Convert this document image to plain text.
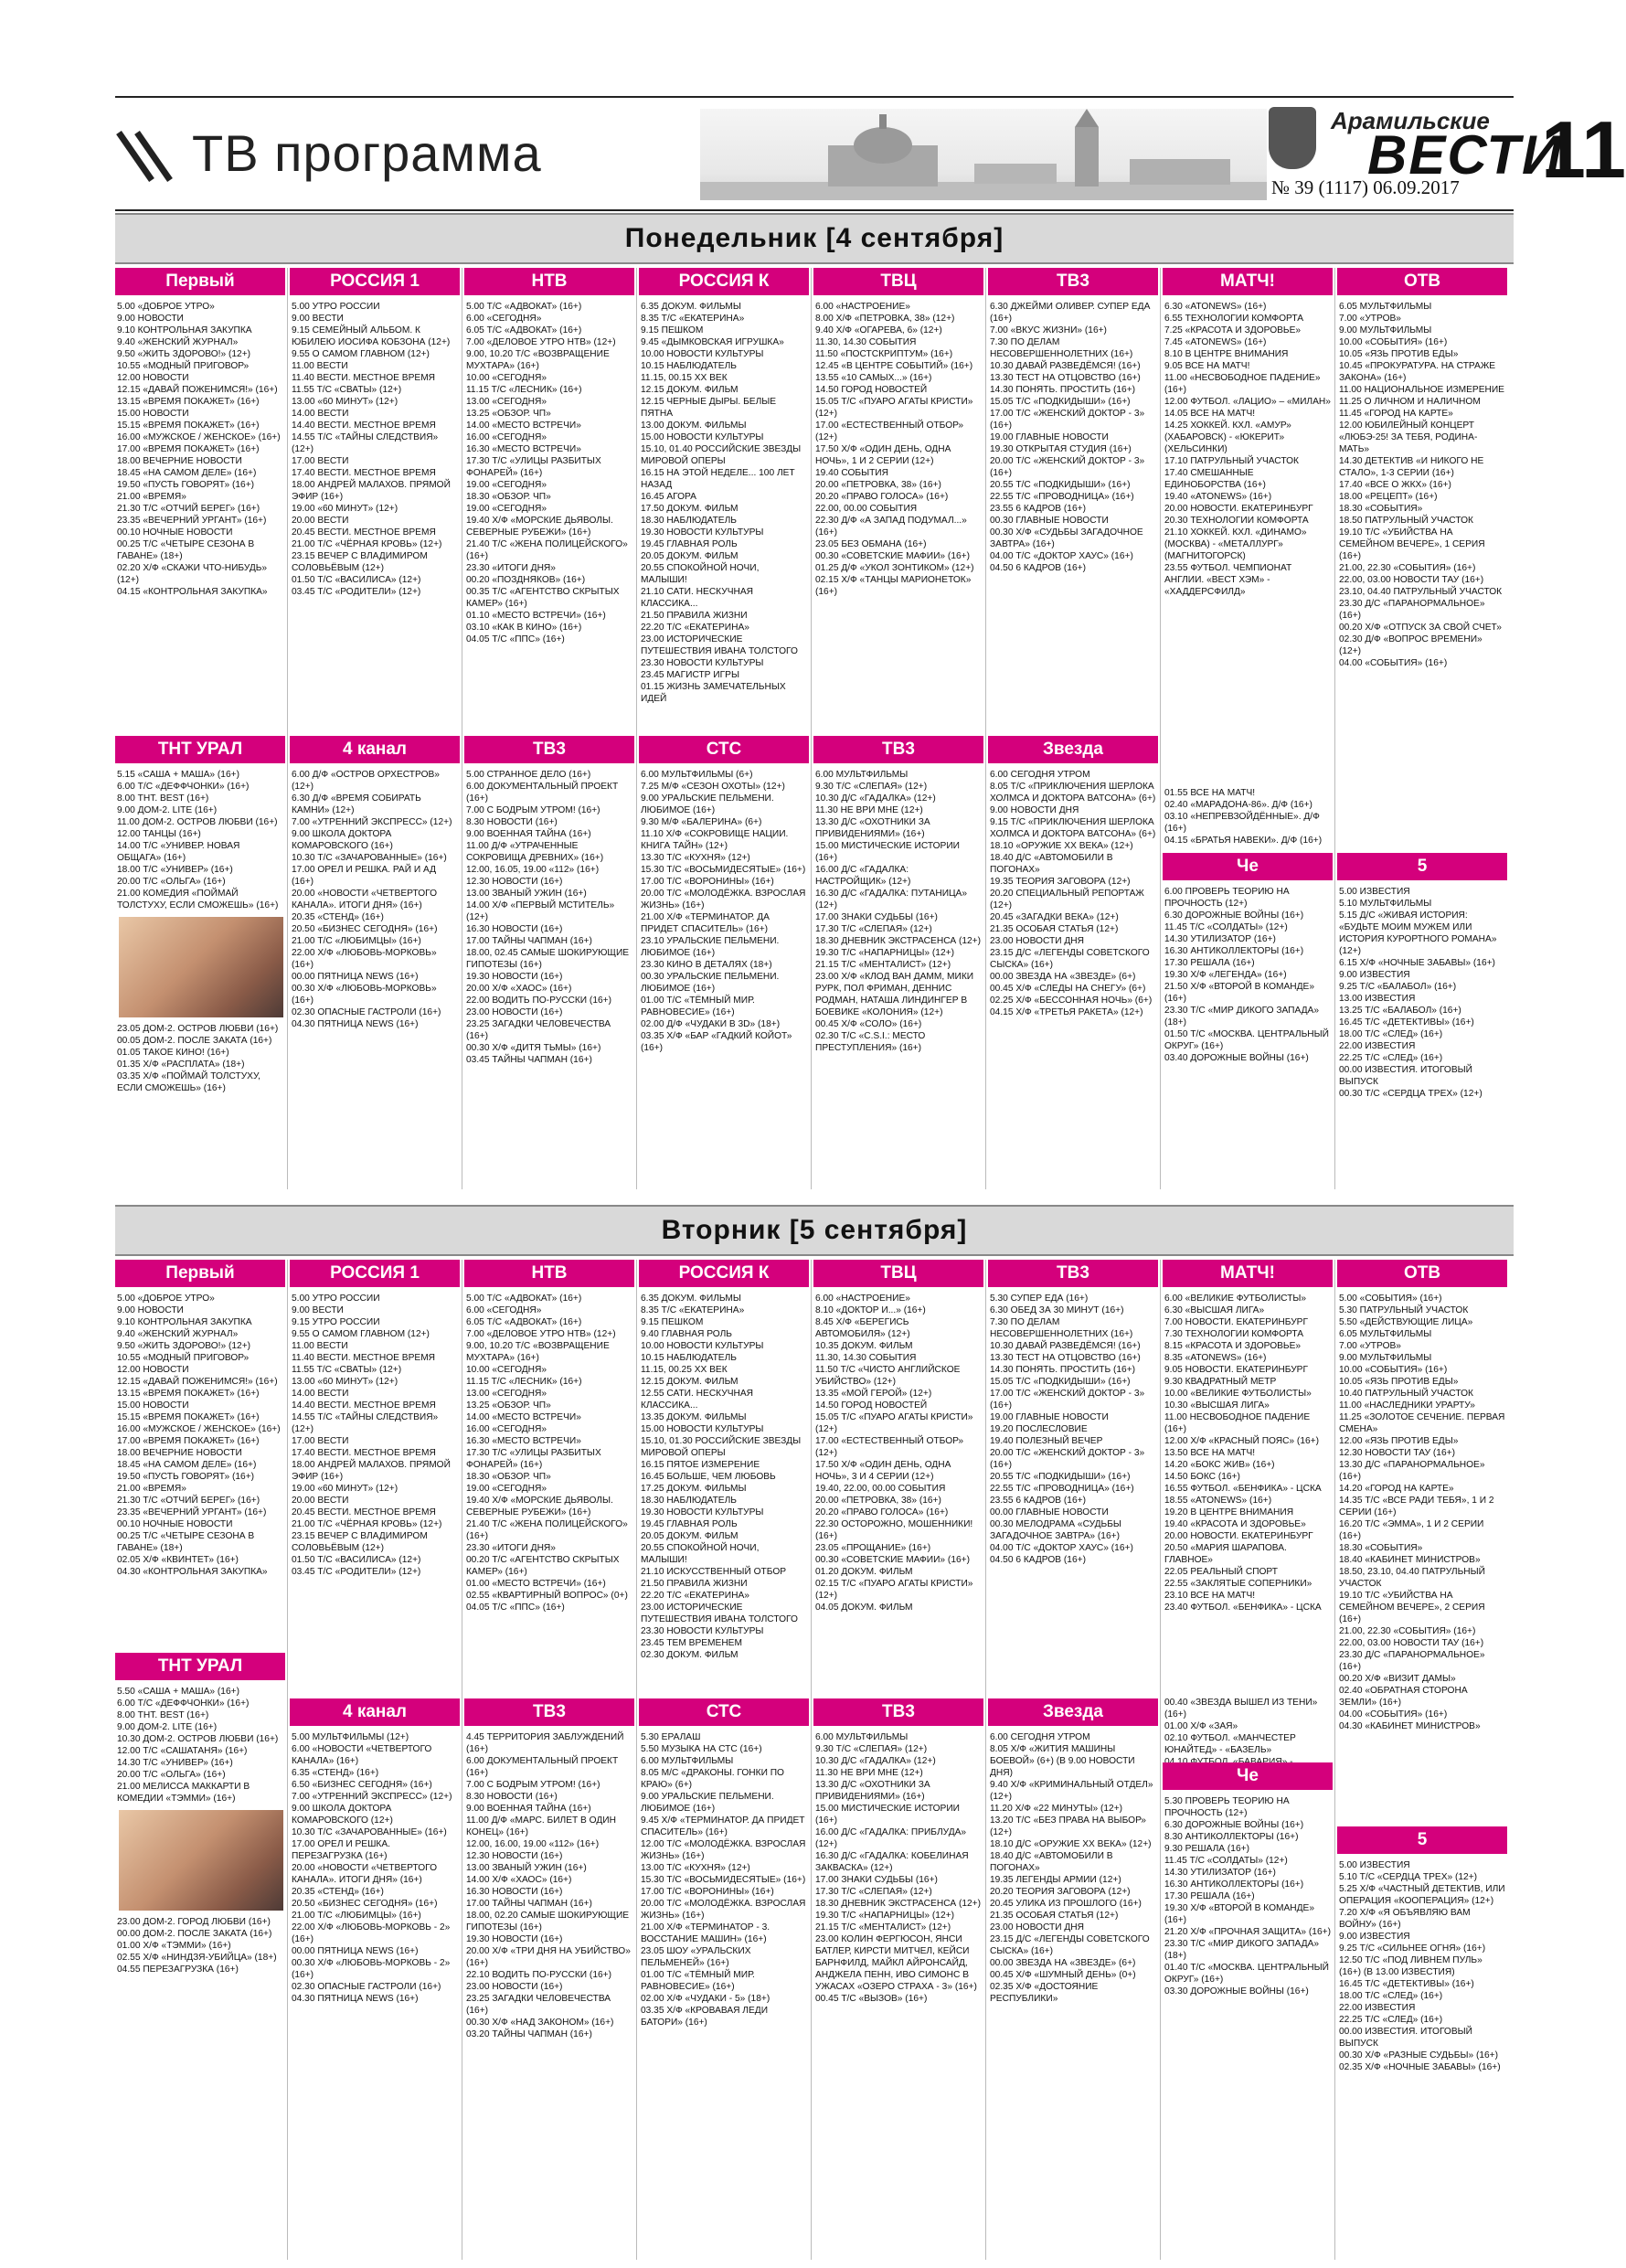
ТВ программа
Арамильские
ВЕСТИ
11
№ 39 (1117) 06.09.2017
Понедельник [4 сентября]
Первый
5.00 «ДОБРОЕ УТРО»
9.00 НОВОСТИ
9.10 КОНТРОЛЬНАЯ ЗАКУПКА
9.40 «ЖЕНСКИЙ ЖУРНАЛ»
9.50 «ЖИТЬ ЗДОРОВО!» (12+)
10.55 «МОДНЫЙ ПРИГОВОР»
12.00 НОВОСТИ
12.15 «ДАВАЙ ПОЖЕНИМСЯ!» (16+)
13.15 «ВРЕМЯ ПОКАЖЕТ» (16+)
15.00 НОВОСТИ
15.15 «ВРЕМЯ ПОКАЖЕТ» (16+)
16.00 «МУЖСКОЕ / ЖЕНСКОЕ» (16+)
17.00 «ВРЕМЯ ПОКАЖЕТ» (16+)
18.00 ВЕЧЕРНИЕ НОВОСТИ
18.45 «НА САМОМ ДЕЛЕ» (16+)
19.50 «ПУСТЬ ГОВОРЯТ» (16+)
21.00 «ВРЕМЯ»
21.30 Т/С «ОТЧИЙ БЕРЕГ» (16+)
23.35 «ВЕЧЕРНИЙ УРГАНТ» (16+)
00.10 НОЧНЫЕ НОВОСТИ
00.25 Т/С «ЧЕТЫРЕ СЕЗОНА В ГАВАНЕ» (18+)
02.20 Х/Ф «СКАЖИ ЧТО-НИБУДЬ» (12+)
04.15 «КОНТРОЛЬНАЯ ЗАКУПКА»
ТНТ УРАЛ
5.15 «САША + МАША» (16+)
6.00 Т/С «ДЕФФЧОНКИ» (16+)
8.00 ТНТ. BEST (16+)
9.00 ДОМ-2. LITE (16+)
11.00 ДОМ-2. ОСТРОВ ЛЮБВИ (16+)
12.00 ТАНЦЫ (16+)
14.00 Т/С «УНИВЕР. НОВАЯ ОБЩАГА» (16+)
18.00 Т/С «УНИВЕР» (16+)
20.00 Т/С «ОЛЬГА» (16+)
21.00 КОМЕДИЯ «ПОЙМАЙ ТОЛСТУХУ, ЕСЛИ СМОЖЕШЬ» (16+)
23.05 ДОМ-2. ОСТРОВ ЛЮБВИ (16+)
00.05 ДОМ-2. ПОСЛЕ ЗАКАТА (16+)
01.05 ТАКОЕ КИНО! (16+)
01.35 Х/Ф «РАСПЛАТА» (18+)
03.35 Х/Ф «ПОЙМАЙ ТОЛСТУХУ, ЕСЛИ СМОЖЕШЬ» (16+)
РОССИЯ 1
5.00 УТРО РОССИИ
9.00 ВЕСТИ
9.15 СЕМЕЙНЫЙ АЛЬБОМ. К ЮБИЛЕЮ ИОСИФА КОБЗОНА (12+)
9.55 О САМОМ ГЛАВНОМ (12+)
11.00 ВЕСТИ
11.40 ВЕСТИ. МЕСТНОЕ ВРЕМЯ
11.55 Т/С «СВАТЫ» (12+)
13.00 «60 МИНУТ» (12+)
14.00 ВЕСТИ
14.40 ВЕСТИ. МЕСТНОЕ ВРЕМЯ
14.55 Т/С «ТАЙНЫ СЛЕДСТВИЯ» (12+)
17.00 ВЕСТИ
17.40 ВЕСТИ. МЕСТНОЕ ВРЕМЯ
18.00 АНДРЕЙ МАЛАХОВ. ПРЯМОЙ ЭФИР (16+)
19.00 «60 МИНУТ» (12+)
20.00 ВЕСТИ
20.45 ВЕСТИ. МЕСТНОЕ ВРЕМЯ
21.00 Т/С «ЧЁРНАЯ КРОВЬ» (12+)
23.15 ВЕЧЕР С ВЛАДИМИРОМ СОЛОВЬЁВЫМ (12+)
01.50 Т/С «ВАСИЛИСА» (12+)
03.45 Т/С «РОДИТЕЛИ» (12+)
4 канал
6.00 Д/Ф «ОСТРОВ ОРХЕСТРОВ» (12+)
6.30 Д/Ф «ВРЕМЯ СОБИРАТЬ КАМНИ» (12+)
7.00 «УТРЕННИЙ ЭКСПРЕСС» (12+)
9.00 ШКОЛА ДОКТОРА КОМАРОВСКОГО (16+)
10.30 Т/С «ЗАЧАРОВАННЫЕ» (16+)
17.00 ОРЕЛ И РЕШКА. РАЙ И АД (16+)
20.00 «НОВОСТИ «ЧЕТВЕРТОГО КАНАЛА». ИТОГИ ДНЯ» (16+)
20.35 «СТЕНД» (16+)
20.50 «БИЗНЕС СЕГОДНЯ» (16+)
21.00 Т/С «ЛЮБИМЦЫ» (16+)
22.00 Х/Ф «ЛЮБОВЬ-МОРКОВЬ» (16+)
00.00 ПЯТНИЦА NEWS (16+)
00.30 Х/Ф «ЛЮБОВЬ-МОРКОВЬ» (16+)
02.30 ОПАСНЫЕ ГАСТРОЛИ (16+)
04.30 ПЯТНИЦА NEWS (16+)
НТВ
5.00 Т/С «АДВОКАТ» (16+)
6.00 «СЕГОДНЯ»
6.05 Т/С «АДВОКАТ» (16+)
7.00 «ДЕЛОВОЕ УТРО НТВ» (12+)
9.00, 10.20 Т/С «ВОЗВРАЩЕНИЕ МУХТАРА» (16+)
10.00 «СЕГОДНЯ»
11.15 Т/С «ЛЕСНИК» (16+)
13.00 «СЕГОДНЯ»
13.25 «ОБЗОР. ЧП»
14.00 «МЕСТО ВСТРЕЧИ»
16.00 «СЕГОДНЯ»
16.30 «МЕСТО ВСТРЕЧИ»
17.30 Т/С «УЛИЦЫ РАЗБИТЫХ ФОНАРЕЙ» (16+)
19.00 «СЕГОДНЯ»
18.30 «ОБЗОР. ЧП»
19.00 «СЕГОДНЯ»
19.40 Х/Ф «МОРСКИЕ ДЬЯВОЛЫ. СЕВЕРНЫЕ РУБЕЖИ» (16+)
21.40 Т/С «ЖЕНА ПОЛИЦЕЙСКОГО» (16+)
23.30 «ИТОГИ ДНЯ»
00.20 «ПОЗДНЯКОВ» (16+)
00.35 Т/С «АГЕНТСТВО СКРЫТЫХ КАМЕР» (16+)
01.10 «МЕСТО ВСТРЕЧИ» (16+)
03.10 «КАК В КИНО» (16+)
04.05 Т/С «ППС» (16+)
ТВ3
5.00 СТРАННОЕ ДЕЛО (16+)
6.00 ДОКУМЕНТАЛЬНЫЙ ПРОЕКТ (16+)
7.00 С БОДРЫМ УТРОМ! (16+)
8.30 НОВОСТИ (16+)
9.00 ВОЕННАЯ ТАЙНА (16+)
11.00 Д/Ф «УТРАЧЕННЫЕ СОКРОВИЩА ДРЕВНИХ» (16+)
12.00, 16.05, 19.00 «112» (16+)
12.30 НОВОСТИ (16+)
13.00 ЗВАНЫЙ УЖИН (16+)
14.00 Х/Ф «ПЕРВЫЙ МСТИТЕЛЬ» (12+)
16.30 НОВОСТИ (16+)
17.00 ТАЙНЫ ЧАПМАН (16+)
18.00, 02.45 САМЫЕ ШОКИРУЮЩИЕ ГИПОТЕЗЫ (16+)
19.30 НОВОСТИ (16+)
20.00 Х/Ф «ХАОС» (16+)
22.00 ВОДИТЬ ПО-РУССКИ (16+)
23.00 НОВОСТИ (16+)
23.25 ЗАГАДКИ ЧЕЛОВЕЧЕСТВА (16+)
00.30 Х/Ф «ДИТЯ ТЬМЫ» (16+)
03.45 ТАЙНЫ ЧАПМАН (16+)
РОССИЯ К
6.35 ДОКУМ. ФИЛЬМЫ
8.35 Т/С «ЕКАТЕРИНА»
9.15 ПЕШКОМ
9.45 «ДЫМКОВСКАЯ ИГРУШКА»
10.00 НОВОСТИ КУЛЬТУРЫ
10.15 НАБЛЮДАТЕЛЬ
11.15, 00.15 ХХ ВЕК
12.15 ДОКУМ. ФИЛЬМ
12.15 ЧЕРНЫЕ ДЫРЫ. БЕЛЫЕ ПЯТНА
13.00 ДОКУМ. ФИЛЬМЫ
15.00 НОВОСТИ КУЛЬТУРЫ
15.10, 01.40 РОССИЙСКИЕ ЗВЕЗДЫ МИРОВОЙ ОПЕРЫ
16.15 НА ЭТОЙ НЕДЕЛЕ... 100 ЛЕТ НАЗАД
16.45 АГОРА
17.50 ДОКУМ. ФИЛЬМ
18.30 НАБЛЮДАТЕЛЬ
19.30 НОВОСТИ КУЛЬТУРЫ
19.45 ГЛАВНАЯ РОЛЬ
20.05 ДОКУМ. ФИЛЬМ
20.55 СПОКОЙНОЙ НОЧИ, МАЛЫШИ!
21.10 САТИ. НЕСКУЧНАЯ КЛАССИКА...
21.50 ПРАВИЛА ЖИЗНИ
22.20 Т/С «ЕКАТЕРИНА»
23.00 ИСТОРИЧЕСКИЕ ПУТЕШЕСТВИЯ ИВАНА ТОЛСТОГО
23.30 НОВОСТИ КУЛЬТУРЫ
23.45 МАГИСТР ИГРЫ
01.15 ЖИЗНЬ ЗАМЕЧАТЕЛЬНЫХ ИДЕЙ
СТС
6.00 МУЛЬТФИЛЬМЫ (6+)
7.25 М/Ф «СЕЗОН ОХОТЫ» (12+)
9.00 УРАЛЬСКИЕ ПЕЛЬМЕНИ. ЛЮБИМОЕ (16+)
9.30 М/Ф «БАЛЕРИНА» (6+)
11.10 Х/Ф «СОКРОВИЩЕ НАЦИИ. КНИГА ТАЙН» (12+)
13.30 Т/С «КУХНЯ» (12+)
15.30 Т/С «ВОСЬМИДЕСЯТЫЕ» (16+)
17.00 Т/С «ВОРОНИНЫ» (16+)
20.00 Т/С «МОЛОДЁЖКА. ВЗРОСЛАЯ ЖИЗНЬ» (16+)
21.00 Х/Ф «ТЕРМИНАТОР. ДА ПРИДЕТ СПАСИТЕЛЬ» (16+)
23.10 УРАЛЬСКИЕ ПЕЛЬМЕНИ. ЛЮБИМОЕ (16+)
23.30 КИНО В ДЕТАЛЯХ (18+)
00.30 УРАЛЬСКИЕ ПЕЛЬМЕНИ. ЛЮБИМОЕ (16+)
01.00 Т/С «ТЁМНЫЙ МИР. РАВНОВЕСИЕ» (16+)
02.00 Д/Ф «ЧУДАКИ В 3D» (18+)
03.35 Х/Ф «БАР «ГАДКИЙ КОЙОТ» (16+)
ТВЦ
6.00 «НАСТРОЕНИЕ»
8.00 Х/Ф «ПЕТРОВКА, 38» (12+)
9.40 Х/Ф «ОГАРЕВА, 6» (12+)
11.30, 14.30 СОБЫТИЯ
11.50 «ПОСТСКРИПТУМ» (16+)
12.45 «В ЦЕНТРЕ СОБЫТИЙ» (16+)
13.55 «10 САМЫХ...» (16+)
14.50 ГОРОД НОВОСТЕЙ
15.05 Т/С «ПУАРО АГАТЫ КРИСТИ» (12+)
17.00 «ЕСТЕСТВЕННЫЙ ОТБОР» (12+)
17.50 Х/Ф «ОДИН ДЕНЬ, ОДНА НОЧЬ», 1 И 2 СЕРИИ (12+)
19.40 СОБЫТИЯ
20.00 «ПЕТРОВКА, 38» (16+)
20.20 «ПРАВО ГОЛОСА» (16+)
22.00, 00.00 СОБЫТИЯ
22.30 Д/Ф «А ЗАПАД ПОДУМАЛ...» (16+)
23.05 БЕЗ ОБМАНА (16+)
00.30 «СОВЕТСКИЕ МАФИИ» (16+)
01.25 Д/Ф «УКОЛ ЗОНТИКОМ» (12+)
02.15 Х/Ф «ТАНЦЫ МАРИОНЕТОК» (16+)
ТВ3
6.00 МУЛЬТФИЛЬМЫ
9.30 Т/С «СЛЕПАЯ» (12+)
10.30 Д/С «ГАДАЛКА» (12+)
11.30 НЕ ВРИ МНЕ (12+)
13.30 Д/С «ОХОТНИКИ ЗА ПРИВИДЕНИЯМИ» (16+)
15.00 МИСТИЧЕСКИЕ ИСТОРИИ (16+)
16.00 Д/С «ГАДАЛКА: НАСТРОЙЩИК» (12+)
16.30 Д/С «ГАДАЛКА: ПУТАНИЦА» (12+)
17.00 ЗНАКИ СУДЬБЫ (16+)
17.30 Т/С «СЛЕПАЯ» (12+)
18.30 ДНЕВНИК ЭКСТРАСЕНСА (12+)
19.30 Т/С «НАПАРНИЦЫ» (12+)
21.15 Т/С «МЕНТАЛИСТ» (12+)
23.00 Х/Ф «КЛОД ВАН ДАММ, МИКИ РУРК, ПОЛ ФРИМАН, ДЕННИС РОДМАН, НАТАША ЛИНДИНГЕР В БОЕВИКЕ «КОЛОНИЯ» (12+)
00.45 Х/Ф «СОЛО» (16+)
02.30 Т/С «C.S.I.: МЕСТО ПРЕСТУПЛЕНИЯ» (16+)
ТВ3
6.30 ДЖЕЙМИ ОЛИВЕР. СУПЕР ЕДА (16+)
7.00 «ВКУС ЖИЗНИ» (16+)
7.30 ПО ДЕЛАМ НЕСОВЕРШЕННОЛЕТНИХ (16+)
10.30 ДАВАЙ РАЗВЕДЁМСЯ! (16+)
13.30 ТЕСТ НА ОТЦОВСТВО (16+)
14.30 ПОНЯТЬ. ПРОСТИТЬ (16+)
15.05 Т/С «ПОДКИДЫШИ» (16+)
17.00 Т/С «ЖЕНСКИЙ ДОКТОР - 3» (16+)
19.00 ГЛАВНЫЕ НОВОСТИ
19.30 ОТКРЫТАЯ СТУДИЯ (16+)
20.00 Т/С «ЖЕНСКИЙ ДОКТОР - 3» (16+)
20.55 Т/С «ПОДКИДЫШИ» (16+)
22.55 Т/С «ПРОВОДНИЦА» (16+)
23.55 6 КАДРОВ (16+)
00.30 ГЛАВНЫЕ НОВОСТИ
00.30 Х/Ф «СУДЬБЫ ЗАГАДОЧНОЕ ЗАВТРА» (16+)
04.00 Т/С «ДОКТОР ХАУС» (16+)
04.50 6 КАДРОВ (16+)
Звезда
6.00 СЕГОДНЯ УТРОМ
8.05 Т/С «ПРИКЛЮЧЕНИЯ ШЕРЛОКА ХОЛМСА И ДОКТОРА ВАТСОНА» (6+)
9.00 НОВОСТИ ДНЯ
9.15 Т/С «ПРИКЛЮЧЕНИЯ ШЕРЛОКА ХОЛМСА И ДОКТОРА ВАТСОНА» (6+)
18.10 «ОРУЖИЕ ХХ ВЕКА» (12+)
18.40 Д/С «АВТОМОБИЛИ В ПОГОНАХ»
19.35 ТЕОРИЯ ЗАГОВОРА (12+)
20.20 СПЕЦИАЛЬНЫЙ РЕПОРТАЖ (12+)
20.45 «ЗАГАДКИ ВЕКА» (12+)
21.35 ОСОБАЯ СТАТЬЯ (12+)
23.00 НОВОСТИ ДНЯ
23.15 Д/С «ЛЕГЕНДЫ СОВЕТСКОГО СЫСКА» (16+)
00.00 ЗВЕЗДА НА «ЗВЕЗДЕ» (6+)
00.45 Х/Ф «СЛЕДЫ НА СНЕГУ» (6+)
02.25 Х/Ф «БЕССОННАЯ НОЧЬ» (6+)
04.15 Х/Ф «ТРЕТЬЯ РАКЕТА» (12+)
МАТЧ!
6.30 «ATONEWS» (16+)
6.55 ТЕХНОЛОГИИ КОМФОРТА
7.25 «КРАСОТА И ЗДОРОВЬЕ»
7.45 «ATONEWS» (16+)
8.10 В ЦЕНТРЕ ВНИМАНИЯ
9.05 ВСЕ НА МАТЧ!
11.00 «НЕСВОБОДНОЕ ПАДЕНИЕ» (16+)
12.00 ФУТБОЛ. «ЛАЦИО» – «МИЛАН»
14.05 ВСЕ НА МАТЧ!
14.25 ХОККЕЙ. КХЛ. «АМУР» (ХАБАРОВСК) - «ЮКЕРИТ» (ХЕЛЬСИНКИ)
17.10 ПАТРУЛЬНЫЙ УЧАСТОК
17.40 СМЕШАННЫЕ ЕДИНОБОРСТВА (16+)
19.40 «ATONEWS» (16+)
20.00 НОВОСТИ. ЕКАТЕРИНБУРГ
20.30 ТЕХНОЛОГИИ КОМФОРТА
21.10 ХОККЕЙ. КХЛ. «ДИНАМО» (МОСКВА) - «МЕТАЛЛУРГ» (МАГНИТОГОРСК)
23.55 ФУТБОЛ. ЧЕМПИОНАТ АНГЛИИ. «ВЕСТ ХЭМ» - «ХАДДЕРСФИЛД»
01.55 ВСЕ НА МАТЧ!
02.40 «МАРАДОНА-86». Д/Ф (16+)
03.10 «НЕПРЕВЗОЙДЁННЫЕ». Д/Ф (16+)
04.15 «БРАТЬЯ НАВЕКИ». Д/Ф (16+)
Че
6.00 ПРОВЕРЬ ТЕОРИЮ НА ПРОЧНОСТЬ (12+)
6.30 ДОРОЖНЫЕ ВОЙНЫ (16+)
11.45 Т/С «СОЛДАТЫ» (12+)
14.30 УТИЛИЗАТОР (16+)
16.30 АНТИКОЛЛЕКТОРЫ (16+)
17.30 РЕШАЛА (16+)
19.30 Х/Ф «ЛЕГЕНДА» (16+)
21.50 Х/Ф «ВТОРОЙ В КОМАНДЕ» (16+)
23.30 Т/С «МИР ДИКОГО ЗАПАДА» (18+)
01.50 Т/С «МОСКВА. ЦЕНТРАЛЬНЫЙ ОКРУГ» (16+)
03.40 ДОРОЖНЫЕ ВОЙНЫ (16+)
ОТВ
6.05 МУЛЬТФИЛЬМЫ
7.00 «УТРОВ»
9.00 МУЛЬТФИЛЬМЫ
10.00 «СОБЫТИЯ» (16+)
10.05 «ЯЗЬ ПРОТИВ ЕДЫ»
10.45 «ПРОКУРАТУРА. НА СТРАЖЕ ЗАКОНА» (16+)
11.00 НАЦИОНАЛЬНОЕ ИЗМЕРЕНИЕ
11.25 О ЛИЧНОМ И НАЛИЧНОМ
11.45 «ГОРОД НА КАРТЕ»
12.00 ЮБИЛЕЙНЫЙ КОНЦЕРТ «ЛЮБЭ-25! ЗА ТЕБЯ, РОДИНА-МАТЬ»
14.30 ДЕТЕКТИВ «И НИКОГО НЕ СТАЛО», 1-3 СЕРИИ (16+)
17.40 «ВСЕ О ЖКХ» (16+)
18.00 «РЕЦЕПТ» (16+)
18.30 «СОБЫТИЯ»
18.50 ПАТРУЛЬНЫЙ УЧАСТОК
19.10 Т/С «УБИЙСТВА НА СЕМЕЙНОМ ВЕЧЕРЕ», 1 СЕРИЯ (16+)
21.00, 22.30 «СОБЫТИЯ» (16+)
22.00, 03.00 НОВОСТИ ТАУ (16+)
23.10, 04.40 ПАТРУЛЬНЫЙ УЧАСТОК
23.30 Д/С «ПАРАНОРМАЛЬНОЕ» (16+)
00.20 Х/Ф «ОТПУСК ЗА СВОЙ СЧЕТ»
02.30 Д/Ф «ВОПРОС ВРЕМЕНИ» (12+)
04.00 «СОБЫТИЯ» (16+)
5
5.00 ИЗВЕСТИЯ
5.10 МУЛЬТФИЛЬМЫ
5.15 Д/С «ЖИВАЯ ИСТОРИЯ: «БУДЬТЕ МОИМ МУЖЕМ ИЛИ ИСТОРИЯ КУРОРТНОГО РОМАНА» (12+)
6.15 Х/Ф «НОЧНЫЕ ЗАБАВЫ» (16+)
9.00 ИЗВЕСТИЯ
9.25 Т/С «БАЛАБОЛ» (16+)
13.00 ИЗВЕСТИЯ
13.25 Т/С «БАЛАБОЛ» (16+)
16.45 Т/С «ДЕТЕКТИВЫ» (16+)
18.00 Т/С «СЛЕД» (16+)
22.00 ИЗВЕСТИЯ
22.25 Т/С «СЛЕД» (16+)
00.00 ИЗВЕСТИЯ. ИТОГОВЫЙ ВЫПУСК
00.30 Т/С «СЕРДЦА ТРЕХ» (12+)
Вторник [5 сентября]
Первый
5.00 «ДОБРОЕ УТРО»
9.00 НОВОСТИ
9.10 КОНТРОЛЬНАЯ ЗАКУПКА
9.40 «ЖЕНСКИЙ ЖУРНАЛ»
9.50 «ЖИТЬ ЗДОРОВО!» (12+)
10.55 «МОДНЫЙ ПРИГОВОР»
12.00 НОВОСТИ
12.15 «ДАВАЙ ПОЖЕНИМСЯ!» (16+)
13.15 «ВРЕМЯ ПОКАЖЕТ» (16+)
15.00 НОВОСТИ
15.15 «ВРЕМЯ ПОКАЖЕТ» (16+)
16.00 «МУЖСКОЕ / ЖЕНСКОЕ» (16+)
17.00 «ВРЕМЯ ПОКАЖЕТ» (16+)
18.00 ВЕЧЕРНИЕ НОВОСТИ
18.45 «НА САМОМ ДЕЛЕ» (16+)
19.50 «ПУСТЬ ГОВОРЯТ» (16+)
21.00 «ВРЕМЯ»
21.30 Т/С «ОТЧИЙ БЕРЕГ» (16+)
23.35 «ВЕЧЕРНИЙ УРГАНТ» (16+)
00.10 НОЧНЫЕ НОВОСТИ
00.25 Т/С «ЧЕТЫРЕ СЕЗОНА В ГАВАНЕ» (18+)
02.05 Х/Ф «КВИНТЕТ» (16+)
04.30 «КОНТРОЛЬНАЯ ЗАКУПКА»
ТНТ УРАЛ
5.50 «САША + МАША» (16+)
6.00 Т/С «ДЕФФЧОНКИ» (16+)
8.00 ТНТ. BEST (16+)
9.00 ДОМ-2. LITE (16+)
10.30 ДОМ-2. ОСТРОВ ЛЮБВИ (16+)
12.00 Т/С «САШАТАНЯ» (16+)
14.30 Т/С «УНИВЕР» (16+)
20.00 Т/С «ОЛЬГА» (16+)
21.00 МЕЛИССА МАККАРТИ В КОМЕДИИ «ТЭММИ» (16+)
23.00 ДОМ-2. ГОРОД ЛЮБВИ (16+)
00.00 ДОМ-2. ПОСЛЕ ЗАКАТА (16+)
01.00 Х/Ф «ТЭММИ» (16+)
02.55 Х/Ф «НИНДЗЯ-УБИЙЦА» (18+)
04.55 ПЕРЕЗАГРУЗКА (16+)
РОССИЯ 1
5.00 УТРО РОССИИ
9.00 ВЕСТИ
9.15 УТРО РОССИИ
9.55 О САМОМ ГЛАВНОМ (12+)
11.00 ВЕСТИ
11.40 ВЕСТИ. МЕСТНОЕ ВРЕМЯ
11.55 Т/С «СВАТЫ» (12+)
13.00 «60 МИНУТ» (12+)
14.00 ВЕСТИ
14.40 ВЕСТИ. МЕСТНОЕ ВРЕМЯ
14.55 Т/С «ТАЙНЫ СЛЕДСТВИЯ» (12+)
17.00 ВЕСТИ
17.40 ВЕСТИ. МЕСТНОЕ ВРЕМЯ
18.00 АНДРЕЙ МАЛАХОВ. ПРЯМОЙ ЭФИР (16+)
19.00 «60 МИНУТ» (12+)
20.00 ВЕСТИ
20.45 ВЕСТИ. МЕСТНОЕ ВРЕМЯ
21.00 Т/С «ЧЁРНАЯ КРОВЬ» (12+)
23.15 ВЕЧЕР С ВЛАДИМИРОМ СОЛОВЬЁВЫМ (12+)
01.50 Т/С «ВАСИЛИСА» (12+)
03.45 Т/С «РОДИТЕЛИ» (12+)
4 канал
5.00 МУЛЬТФИЛЬМЫ (12+)
6.00 «НОВОСТИ «ЧЕТВЕРТОГО КАНАЛА» (16+)
6.35 «СТЕНД» (16+)
6.50 «БИЗНЕС СЕГОДНЯ» (16+)
7.00 «УТРЕННИЙ ЭКСПРЕСС» (12+)
9.00 ШКОЛА ДОКТОРА КОМАРОВСКОГО (12+)
10.30 Т/С «ЗАЧАРОВАННЫЕ» (16+)
17.00 ОРЕЛ И РЕШКА. ПЕРЕЗАГРУЗКА (16+)
20.00 «НОВОСТИ «ЧЕТВЕРТОГО КАНАЛА». ИТОГИ ДНЯ» (16+)
20.35 «СТЕНД» (16+)
20.50 «БИЗНЕС СЕГОДНЯ» (16+)
21.00 Т/С «ЛЮБИМЦЫ» (16+)
22.00 Х/Ф «ЛЮБОВЬ-МОРКОВЬ - 2» (16+)
00.00 ПЯТНИЦА NEWS (16+)
00.30 Х/Ф «ЛЮБОВЬ-МОРКОВЬ - 2» (16+)
02.30 ОПАСНЫЕ ГАСТРОЛИ (16+)
04.30 ПЯТНИЦА NEWS (16+)
НТВ
5.00 Т/С «АДВОКАТ» (16+)
6.00 «СЕГОДНЯ»
6.05 Т/С «АДВОКАТ» (16+)
7.00 «ДЕЛОВОЕ УТРО НТВ» (12+)
9.00, 10.20 Т/С «ВОЗВРАЩЕНИЕ МУХТАРА» (16+)
10.00 «СЕГОДНЯ»
11.15 Т/С «ЛЕСНИК» (16+)
13.00 «СЕГОДНЯ»
13.25 «ОБЗОР. ЧП»
14.00 «МЕСТО ВСТРЕЧИ»
16.00 «СЕГОДНЯ»
16.30 «МЕСТО ВСТРЕЧИ»
17.30 Т/С «УЛИЦЫ РАЗБИТЫХ ФОНАРЕЙ» (16+)
18.30 «ОБЗОР. ЧП»
19.00 «СЕГОДНЯ»
19.40 Х/Ф «МОРСКИЕ ДЬЯВОЛЫ. СЕВЕРНЫЕ РУБЕЖИ» (16+)
21.40 Т/С «ЖЕНА ПОЛИЦЕЙСКОГО» (16+)
23.30 «ИТОГИ ДНЯ»
00.20 Т/С «АГЕНТСТВО СКРЫТЫХ КАМЕР» (16+)
01.00 «МЕСТО ВСТРЕЧИ» (16+)
02.55 «КВАРТИРНЫЙ ВОПРОС» (0+)
04.05 Т/С «ППС» (16+)
ТВ3
4.45 ТЕРРИТОРИЯ ЗАБЛУЖДЕНИЙ (16+)
6.00 ДОКУМЕНТАЛЬНЫЙ ПРОЕКТ (16+)
7.00 С БОДРЫМ УТРОМ! (16+)
8.30 НОВОСТИ (16+)
9.00 ВОЕННАЯ ТАЙНА (16+)
11.00 Д/Ф «МАРС. БИЛЕТ В ОДИН КОНЕЦ» (16+)
12.00, 16.00, 19.00 «112» (16+)
12.30 НОВОСТИ (16+)
13.00 ЗВАНЫЙ УЖИН (16+)
14.00 Х/Ф «ХАОС» (16+)
16.30 НОВОСТИ (16+)
17.00 ТАЙНЫ ЧАПМАН (16+)
18.00, 02.20 САМЫЕ ШОКИРУЮЩИЕ ГИПОТЕЗЫ (16+)
19.30 НОВОСТИ (16+)
20.00 Х/Ф «ТРИ ДНЯ НА УБИЙСТВО» (16+)
22.10 ВОДИТЬ ПО-РУССКИ (16+)
23.00 НОВОСТИ (16+)
23.25 ЗАГАДКИ ЧЕЛОВЕЧЕСТВА (16+)
00.30 Х/Ф «НАД ЗАКОНОМ» (16+)
03.20 ТАЙНЫ ЧАПМАН (16+)
РОССИЯ К
6.35 ДОКУМ. ФИЛЬМЫ
8.35 Т/С «ЕКАТЕРИНА»
9.15 ПЕШКОМ
9.40 ГЛАВНАЯ РОЛЬ
10.00 НОВОСТИ КУЛЬТУРЫ
10.15 НАБЛЮДАТЕЛЬ
11.15, 00.25 ХХ ВЕК
12.15 ДОКУМ. ФИЛЬМ
12.55 САТИ. НЕСКУЧНАЯ КЛАССИКА...
13.35 ДОКУМ. ФИЛЬМЫ
15.00 НОВОСТИ КУЛЬТУРЫ
15.10, 01.30 РОССИЙСКИЕ ЗВЕЗДЫ МИРОВОЙ ОПЕРЫ
16.15 ПЯТОЕ ИЗМЕРЕНИЕ
16.45 БОЛЬШЕ, ЧЕМ ЛЮБОВЬ
17.25 ДОКУМ. ФИЛЬМЫ
18.30 НАБЛЮДАТЕЛЬ
19.30 НОВОСТИ КУЛЬТУРЫ
19.45 ГЛАВНАЯ РОЛЬ
20.05 ДОКУМ. ФИЛЬМ
20.55 СПОКОЙНОЙ НОЧИ, МАЛЫШИ!
21.10 ИСКУССТВЕННЫЙ ОТБОР
21.50 ПРАВИЛА ЖИЗНИ
22.20 Т/С «ЕКАТЕРИНА»
23.00 ИСТОРИЧЕСКИЕ ПУТЕШЕСТВИЯ ИВАНА ТОЛСТОГО
23.30 НОВОСТИ КУЛЬТУРЫ
23.45 ТЕМ ВРЕМЕНЕМ
02.30 ДОКУМ. ФИЛЬМ
СТС
5.30 ЕРАЛАШ
5.50 МУЗЫКА НА СТС (16+)
6.00 МУЛЬТФИЛЬМЫ
8.05 М/С «ДРАКОНЫ. ГОНКИ ПО КРАЮ» (6+)
9.00 УРАЛЬСКИЕ ПЕЛЬМЕНИ. ЛЮБИМОЕ (16+)
9.45 Х/Ф «ТЕРМИНАТОР. ДА ПРИДЕТ СПАСИТЕЛЬ» (16+)
12.00 Т/С «МОЛОДЁЖКА. ВЗРОСЛАЯ ЖИЗНЬ» (16+)
13.00 Т/С «КУХНЯ» (12+)
15.30 Т/С «ВОСЬМИДЕСЯТЫЕ» (16+)
17.00 Т/С «ВОРОНИНЫ» (16+)
20.00 Т/С «МОЛОДЁЖКА. ВЗРОСЛАЯ ЖИЗНЬ» (16+)
21.00 Х/Ф «ТЕРМИНАТОР - 3. ВОССТАНИЕ МАШИН» (16+)
23.05 ШОУ «УРАЛЬСКИХ ПЕЛЬМЕНЕЙ» (16+)
01.00 Т/С «ТЁМНЫЙ МИР. РАВНОВЕСИЕ» (16+)
02.00 Х/Ф «ЧУДАКИ - 5» (18+)
03.35 Х/Ф «КРОВАВАЯ ЛЕДИ БАТОРИ» (16+)
ТВЦ
6.00 «НАСТРОЕНИЕ»
8.10 «ДОКТОР И...» (16+)
8.45 Х/Ф «БЕРЕГИСЬ АВТОМОБИЛЯ» (12+)
10.35 ДОКУМ. ФИЛЬМ
11.30, 14.30 СОБЫТИЯ
11.50 Т/С «ЧИСТО АНГЛИЙСКОЕ УБИЙСТВО» (12+)
13.35 «МОЙ ГЕРОЙ» (12+)
14.50 ГОРОД НОВОСТЕЙ
15.05 Т/С «ПУАРО АГАТЫ КРИСТИ» (12+)
17.00 «ЕСТЕСТВЕННЫЙ ОТБОР» (12+)
17.50 Х/Ф «ОДИН ДЕНЬ, ОДНА НОЧЬ», 3 И 4 СЕРИИ (12+)
19.40, 22.00, 00.00 СОБЫТИЯ
20.00 «ПЕТРОВКА, 38» (16+)
20.20 «ПРАВО ГОЛОСА» (16+)
22.30 ОСТОРОЖНО, МОШЕННИКИ! (16+)
23.05 «ПРОЩАНИЕ» (16+)
00.30 «СОВЕТСКИЕ МАФИИ» (16+)
01.20 ДОКУМ. ФИЛЬМ
02.15 Т/С «ПУАРО АГАТЫ КРИСТИ» (12+)
04.05 ДОКУМ. ФИЛЬМ
ТВ3
6.00 МУЛЬТФИЛЬМЫ
9.30 Т/С «СЛЕПАЯ» (12+)
10.30 Д/С «ГАДАЛКА» (12+)
11.30 НЕ ВРИ МНЕ (12+)
13.30 Д/С «ОХОТНИКИ ЗА ПРИВИДЕНИЯМИ» (16+)
15.00 МИСТИЧЕСКИЕ ИСТОРИИ (16+)
16.00 Д/С «ГАДАЛКА: ПРИБЛУДА» (12+)
16.30 Д/С «ГАДАЛКА: КОБЕЛИНАЯ ЗАКВАСКА» (12+)
17.00 ЗНАКИ СУДЬБЫ (16+)
17.30 Т/С «СЛЕПАЯ» (12+)
18.30 ДНЕВНИК ЭКСТРАСЕНСА (12+)
19.30 Т/С «НАПАРНИЦЫ» (12+)
21.15 Т/С «МЕНТАЛИСТ» (12+)
23.00 КОЛИН ФЕРГЮСОН, ЯНСИ БАТЛЕР, КИРСТИ МИТЧЕЛ, КЕЙСИ БАРНФИЛД, МАЙКЛ АЙРОНСАЙД, АНДЖЕЛА ПЕНН, ИВО СИМОНС В УЖАСАХ «ОЗЕРО СТРАХА - 3» (16+)
00.45 Т/С «ВЫЗОВ» (16+)
ТВ3
5.30 СУПЕР ЕДА (16+)
6.30 ОБЕД ЗА 30 МИНУТ (16+)
7.30 ПО ДЕЛАМ НЕСОВЕРШЕННОЛЕТНИХ (16+)
10.30 ДАВАЙ РАЗВЕДЁМСЯ! (16+)
13.30 ТЕСТ НА ОТЦОВСТВО (16+)
14.30 ПОНЯТЬ. ПРОСТИТЬ (16+)
15.05 Т/С «ПОДКИДЫШИ» (16+)
17.00 Т/С «ЖЕНСКИЙ ДОКТОР - 3» (16+)
19.00 ГЛАВНЫЕ НОВОСТИ
19.20 ПОСЛЕСЛОВИЕ
19.40 ПОЛЕЗНЫЙ ВЕЧЕР
20.00 Т/С «ЖЕНСКИЙ ДОКТОР - 3» (16+)
20.55 Т/С «ПОДКИДЫШИ» (16+)
22.55 Т/С «ПРОВОДНИЦА» (16+)
23.55 6 КАДРОВ (16+)
00.00 ГЛАВНЫЕ НОВОСТИ
00.30 МЕЛОДРАМА «СУДЬБЫ ЗАГАДОЧНОЕ ЗАВТРА» (16+)
04.00 Т/С «ДОКТОР ХАУС» (16+)
04.50 6 КАДРОВ (16+)
Звезда
6.00 СЕГОДНЯ УТРОМ
8.05 Х/Ф «ЖИТИЯ МАШИНЫ БОЕВОЙ» (6+) (В 9.00 НОВОСТИ ДНЯ)
9.40 Х/Ф «КРИМИНАЛЬНЫЙ ОТДЕЛ» (12+)
11.20 Х/Ф «22 МИНУТЫ» (12+)
13.20 Т/С «БЕЗ ПРАВА НА ВЫБОР» (12+)
18.10 Д/С «ОРУЖИЕ ХХ ВЕКА» (12+)
18.40 Д/С «АВТОМОБИЛИ В ПОГОНАХ»
19.35 ЛЕГЕНДЫ АРМИИ (12+)
20.20 ТЕОРИЯ ЗАГОВОРА (12+)
20.45 УЛИКА ИЗ ПРОШЛОГО (16+)
21.35 ОСОБАЯ СТАТЬЯ (12+)
23.00 НОВОСТИ ДНЯ
23.15 Д/С «ЛЕГЕНДЫ СОВЕТСКОГО СЫСКА» (16+)
00.00 ЗВЕЗДА НА «ЗВЕЗДЕ» (6+)
00.45 Х/Ф «ШУМНЫЙ ДЕНЬ» (0+)
02.35 Х/Ф «ДОСТОЯНИЕ РЕСПУБЛИКИ»
МАТЧ!
6.00 «ВЕЛИКИЕ ФУТБОЛИСТЫ»
6.30 «ВЫСШАЯ ЛИГА»
7.00 НОВОСТИ. ЕКАТЕРИНБУРГ
7.30 ТЕХНОЛОГИИ КОМФОРТА
8.15 «КРАСОТА И ЗДОРОВЬЕ»
8.35 «ATONEWS» (16+)
9.05 НОВОСТИ. ЕКАТЕРИНБУРГ
9.30 КВАДРАТНЫЙ МЕТР
10.00 «ВЕЛИКИЕ ФУТБОЛИСТЫ»
10.30 «ВЫСШАЯ ЛИГА»
11.00 НЕСВОБОДНОЕ ПАДЕНИЕ (16+)
12.00 Х/Ф «КРАСНЫЙ ПОЯС» (16+)
13.50 ВСЕ НА МАТЧ!
14.20 «БОКС ЖИВ» (16+)
14.50 БОКС (16+)
16.55 ФУТБОЛ. «БЕНФИКА» - ЦСКА
18.55 «ATONEWS» (16+)
19.20 В ЦЕНТРЕ ВНИМАНИЯ
19.40 «КРАСОТА И ЗДОРОВЬЕ»
20.00 НОВОСТИ. ЕКАТЕРИНБУРГ
20.50 «МАРИЯ ШАРАПОВА. ГЛАВНОЕ»
22.05 РЕАЛЬНЫЙ СПОРТ
22.55 «ЗАКЛЯТЫЕ СОПЕРНИКИ»
23.10 ВСЕ НА МАТЧ!
23.40 ФУТБОЛ. «БЕНФИКА» - ЦСКА
00.40 «ЗВЕЗДА ВЫШЕЛ ИЗ ТЕНИ» (16+)
01.00 Х/Ф «ЗАЯ»
02.10 ФУТБОЛ. «МАНЧЕСТЕР ЮНАЙТЕД» - «БАЗЕЛЬ»
Че
5.30 ПРОВЕРЬ ТЕОРИЮ НА ПРОЧНОСТЬ (12+)
6.30 ДОРОЖНЫЕ ВОЙНЫ (16+)
8.30 АНТИКОЛЛЕКТОРЫ (16+)
9.30 РЕШАЛА (16+)
11.45 Т/С «СОЛДАТЫ» (12+)
14.30 УТИЛИЗАТОР (16+)
16.30 АНТИКОЛЛЕКТОРЫ (16+)
17.30 РЕШАЛА (16+)
19.30 Х/Ф «ВТОРОЙ В КОМАНДЕ» (16+)
21.20 Х/Ф «ПРОЧНАЯ ЗАЩИТА» (16+)
23.30 Т/С «МИР ДИКОГО ЗАПАДА» (18+)
01.40 Т/С «МОСКВА. ЦЕНТРАЛЬНЫЙ ОКРУГ» (16+)
03.30 ДОРОЖНЫЕ ВОЙНЫ (16+)
ОТВ
5.00 «СОБЫТИЯ» (16+)
5.30 ПАТРУЛЬНЫЙ УЧАСТОК
5.50 «ДЕЙСТВУЮЩИЕ ЛИЦА»
6.05 МУЛЬТФИЛЬМЫ
7.00 «УТРОВ»
9.00 МУЛЬТФИЛЬМЫ
10.00 «СОБЫТИЯ» (16+)
10.05 «ЯЗЬ ПРОТИВ ЕДЫ»
10.40 ПАТРУЛЬНЫЙ УЧАСТОК
11.00 «НАСЛЕДНИКИ УРАРТУ»
11.25 «ЗОЛОТОЕ СЕЧЕНИЕ. ПЕРВАЯ СМЕНА»
12.00 «ЯЗЬ ПРОТИВ ЕДЫ»
12.30 НОВОСТИ ТАУ (16+)
13.30 Д/С «ПАРАНОРМАЛЬНОЕ» (16+)
14.20 «ГОРОД НА КАРТЕ»
14.35 Т/С «ВСЕ РАДИ ТЕБЯ», 1 И 2 СЕРИИ (16+)
16.20 Т/С «ЭММА», 1 И 2 СЕРИИ (16+)
18.30 «СОБЫТИЯ»
18.40 «КАБИНЕТ МИНИСТРОВ»
18.50, 23.10, 04.40 ПАТРУЛЬНЫЙ УЧАСТОК
19.10 Т/С «УБИЙСТВА НА СЕМЕЙНОМ ВЕЧЕРЕ», 2 СЕРИЯ (16+)
21.00, 22.30 «СОБЫТИЯ» (16+)
22.00, 03.00 НОВОСТИ ТАУ (16+)
23.30 Д/С «ПАРАНОРМАЛЬНОЕ» (16+)
00.20 Х/Ф «ВИЗИТ ДАМЫ»
02.40 «ОБРАТНАЯ СТОРОНА ЗЕМЛИ» (16+)
04.00 «СОБЫТИЯ» (16+)
04.30 «КАБИНЕТ МИНИСТРОВ»
5
5.00 ИЗВЕСТИЯ
5.10 Т/С «СЕРДЦА ТРЕХ» (12+)
5.25 Х/Ф «ЧАСТНЫЙ ДЕТЕКТИВ, ИЛИ ОПЕРАЦИЯ «КООПЕРАЦИЯ» (12+)
7.20 Х/Ф «Я ОБЪЯВЛЯЮ ВАМ ВОЙНУ» (16+)
9.00 ИЗВЕСТИЯ
9.25 Т/С «СИЛЬНЕЕ ОГНЯ» (16+)
12.50 Т/С «ПОД ЛИВНЕМ ПУЛЬ» (16+) (В 13.00 ИЗВЕСТИЯ)
16.45 Т/С «ДЕТЕКТИВЫ» (16+)
18.00 Т/С «СЛЕД» (16+)
22.00 ИЗВЕСТИЯ
22.25 Т/С «СЛЕД» (16+)
00.00 ИЗВЕСТИЯ. ИТОГОВЫЙ ВЫПУСК
00.30 Х/Ф «РАЗНЫЕ СУДЬБЫ» (16+)
02.35 Х/Ф «НОЧНЫЕ ЗАБАВЫ» (16+)
